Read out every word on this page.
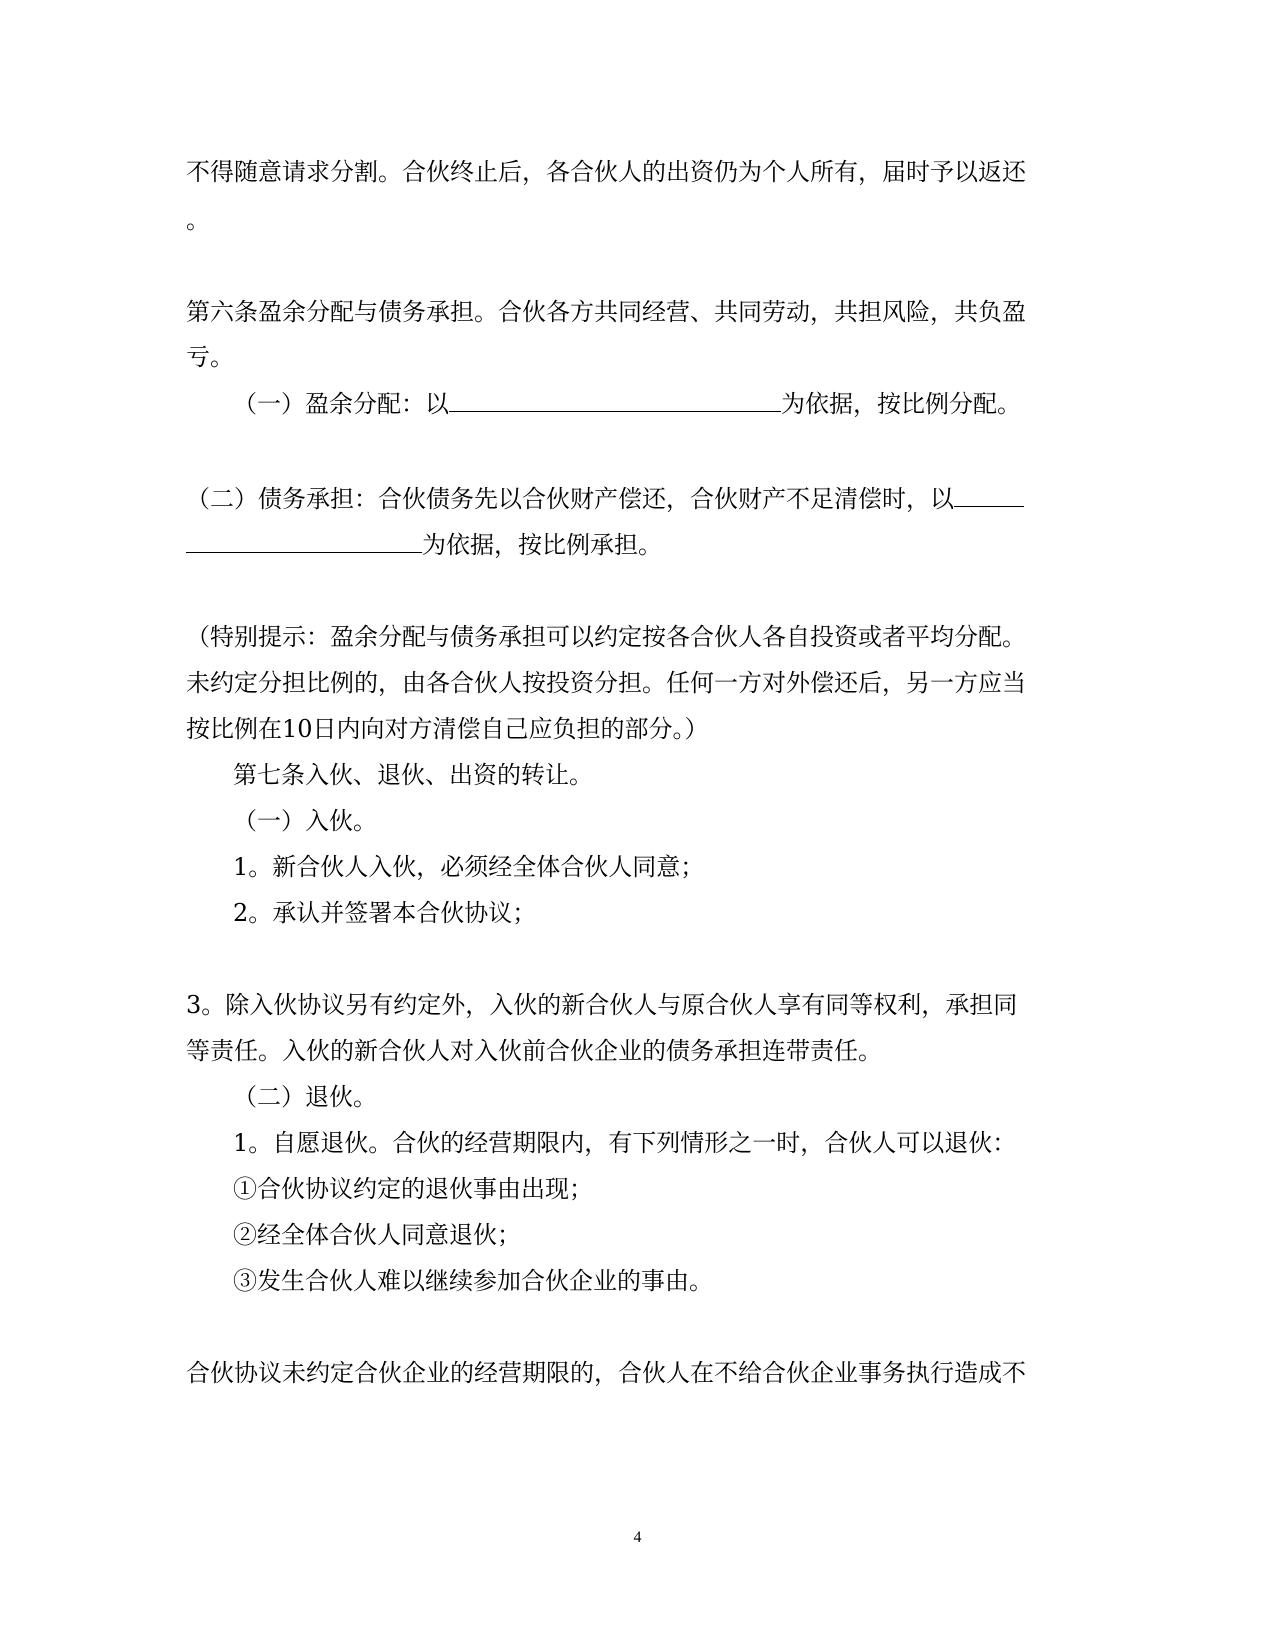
不得随意请求分割。合伙终止后，各合伙人的出资仍为个人所有，届时予以返还
。
第六条盈余分配与债务承担。合伙各方共同经营、共同劳动，共担风险，共负盈
亏。
（一）盈余分配：以	为依据，按比例分配。
（二）债务承担：合伙债务先以合伙财产偿还，合伙财产不足清偿时，以
为依据，按比例承担。
（特别提示：盈余分配与债务承担可以约定按各合伙人各自投资或者平均分配。
未约定分担比例的，由各合伙人按投资分担。任何一方对外偿还后，另一方应当
按比例在10日内向对方清偿自己应负担的部分。）
第七条入伙、退伙、出资的转让。
（一）入伙。
1。新合伙人入伙，必须经全体合伙人同意；
2。承认并签署本合伙协议；
3。除入伙协议另有约定外，入伙的新合伙人与原合伙人享有同等权利，承担同
等责任。入伙的新合伙人对入伙前合伙企业的债务承担连带责任。
（二）退伙。
1。自愿退伙。合伙的经营期限内，有下列情形之一时，合伙人可以退伙：
①合伙协议约定的退伙事由出现；
②经全体合伙人同意退伙；
③发生合伙人难以继续参加合伙企业的事由。
合伙协议未约定合伙企业的经营期限的，合伙人在不给合伙企业事务执行造成不
4
